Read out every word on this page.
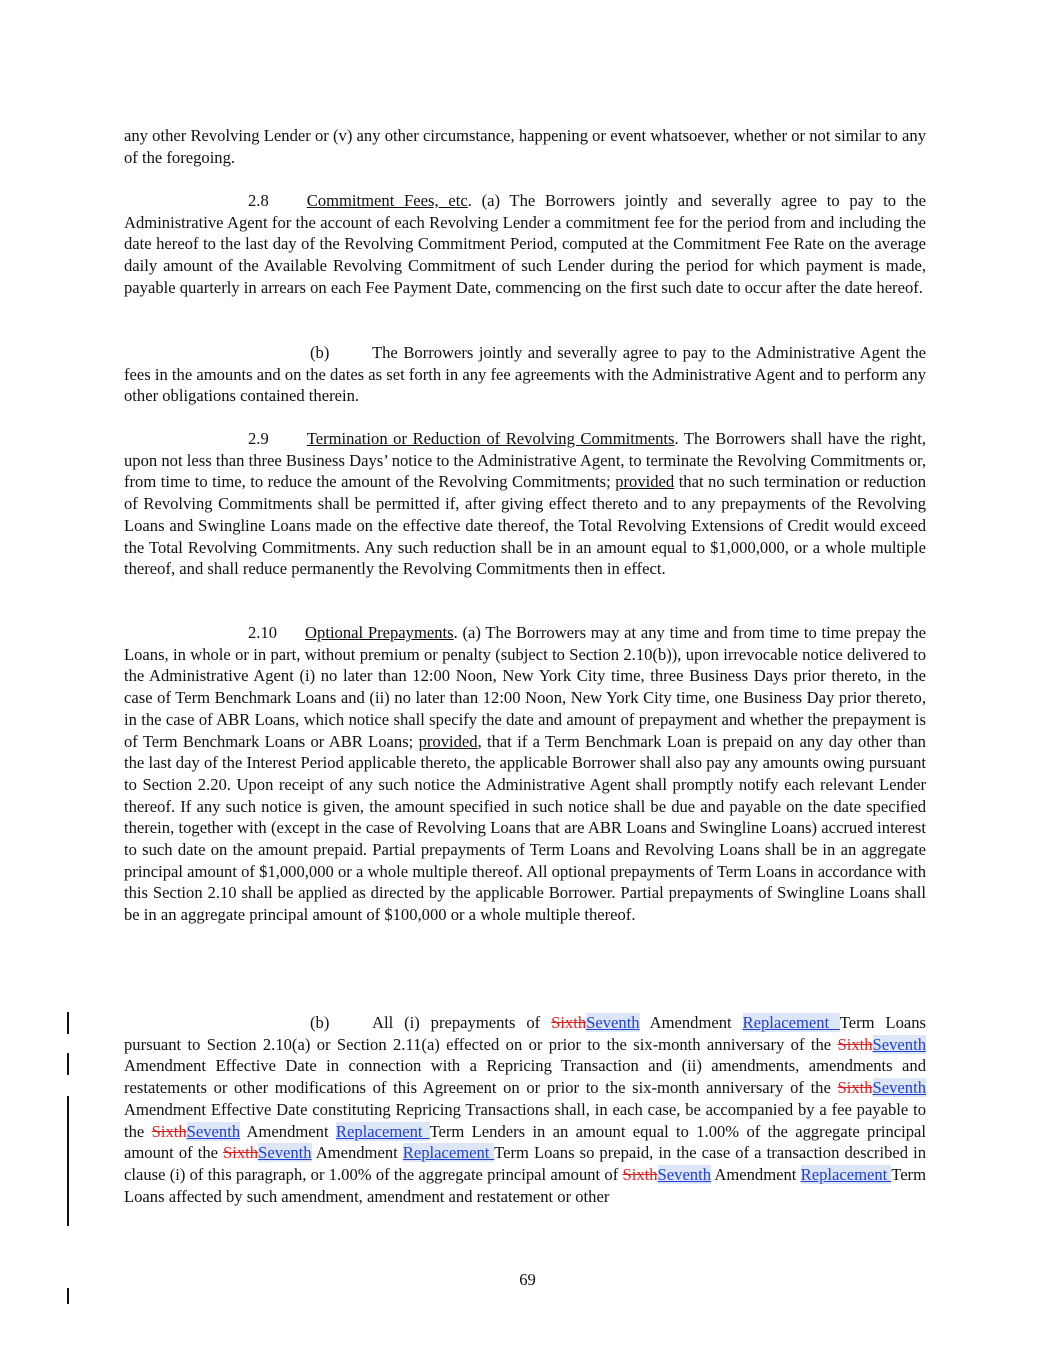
any other Revolving Lender or (v) any other circumstance, happening or event whatsoever, whether or not similar to any of the foregoing.

2.8 Commitment Fees, etc. (a) The Borrowers jointly and severally agree to pay to the Administrative Agent for the account of each Revolving Lender a commitment fee for the period from and including the date hereof to the last day of the Revolving Commitment Period, computed at the Commitment Fee Rate on the average daily amount of the Available Revolving Commitment of such Lender during the period for which payment is made, payable quarterly in arrears on each Fee Payment Date, commencing on the first such date to occur after the date hereof.

(b)	The Borrowers jointly and severally agree to pay to the Administrative Agent the fees in the amounts and on the dates as set forth in any fee agreements with the Administrative Agent and to perform any other obligations contained therein.

2.9 Termination or Reduction of Revolving Commitments. The Borrowers shall have the right, upon not less than three Business Days’ notice to the Administrative Agent, to terminate the Revolving Commitments or, from time to time, to reduce the amount of the Revolving Commitments; provided that no such termination or reduction of Revolving Commitments shall be permitted if, after giving effect thereto and to any prepayments of the Revolving Loans and Swingline Loans made on the effective date thereof, the Total Revolving Extensions of Credit would exceed the Total Revolving Commitments. Any such reduction shall be in an amount equal to $1,000,000, or a whole multiple thereof, and shall reduce permanently the Revolving Commitments then in effect.

2.10 Optional Prepayments. (a) The Borrowers may at any time and from time to time prepay the Loans, in whole or in part, without premium or penalty (subject to Section 2.10(b)), upon irrevocable notice delivered to the Administrative Agent (i) no later than 12:00 Noon, New York City time, three Business Days prior thereto, in the case of Term Benchmark Loans and (ii) no later than 12:00 Noon, New York City time, one Business Day prior thereto, in the case of ABR Loans, which notice shall specify the date and amount of prepayment and whether the prepayment is of Term Benchmark Loans or ABR Loans; provided, that if a Term Benchmark Loan is prepaid on any day other than the last day of the Interest Period applicable thereto, the applicable Borrower shall also pay any amounts owing pursuant to Section 2.20. Upon receipt of any such notice the Administrative Agent shall promptly notify each relevant Lender thereof. If any such notice is given, the amount specified in such notice shall be due and payable on the date specified therein, together with (except in the case of Revolving Loans that are ABR Loans and Swingline Loans) accrued interest to such date on the amount prepaid. Partial prepayments of Term Loans and Revolving Loans shall be in an aggregate principal amount of $1,000,000 or a whole multiple thereof. All optional prepayments of Term Loans in accordance with this Section 2.10 shall be applied as directed by the applicable Borrower. Partial prepayments of Swingline Loans shall be in an aggregate principal amount of $100,000 or a whole multiple thereof.

(b)	All (i) prepayments of SixthSeventh Amendment Replacement Term Loans pursuant to Section 2.10(a) or Section 2.11(a) effected on or prior to the six-month anniversary of the SixthSeventh Amendment Effective Date in connection with a Repricing Transaction and (ii) amendments, amendments and restatements or other modifications of this Agreement on or prior to the six-month anniversary of the SixthSeventh Amendment Effective Date constituting Repricing Transactions shall, in each case, be accompanied by a fee payable to the SixthSeventh Amendment Replacement Term Lenders in an amount equal to 1.00% of the aggregate principal amount of the SixthSeventh Amendment Replacement Term Loans so prepaid, in the case of a transaction described in clause (i) of this paragraph, or 1.00% of the aggregate principal amount of SixthSeventh Amendment Replacement Term Loans affected by such amendment, amendment and restatement or other

69
